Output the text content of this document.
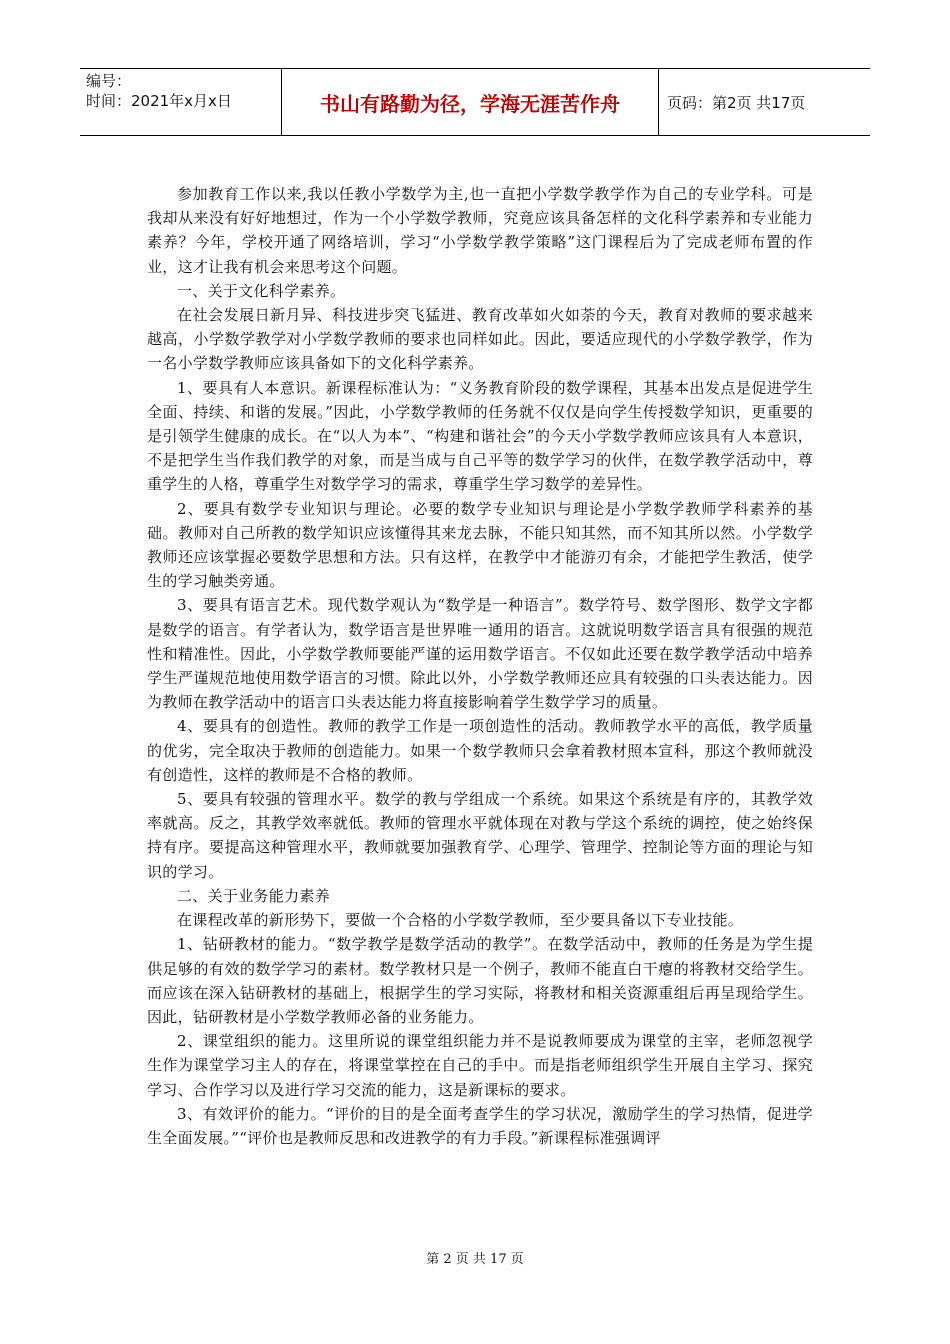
编号：
时间：2021年x月x日	书山有路勤为径，学海无涯苦作舟	页码：第2页 共17页

参加教育工作以来,我以任教小学数学为主,也一直把小学数学教学作为自己的专业学科。可是我却从来没有好好地想过，作为一个小学数学教师，究竟应该具备怎样的文化科学素养和专业能力素养？今年，学校开通了网络培训，学习“小学数学教学策略”这门课程后为了完成老师布置的作业，这才让我有机会来思考这个问题。

一、关于文化科学素养。

在社会发展日新月异、科技进步突飞猛进、教育改革如火如荼的今天，教育对教师的要求越来越高，小学数学教学对小学数学教师的要求也同样如此。因此，要适应现代的小学数学教学，作为一名小学数学教师应该具备如下的文化科学素养。

1、要具有人本意识。新课程标准认为：“义务教育阶段的数学课程，其基本出发点是促进学生全面、持续、和谐的发展。”因此，小学数学教师的任务就不仅仅是向学生传授数学知识，更重要的是引领学生健康的成长。在“以人为本”、“构建和谐社会”的今天小学数学教师应该具有人本意识，不是把学生当作我们教学的对象，而是当成与自己平等的数学学习的伙伴，在数学教学活动中，尊重学生的人格，尊重学生对数学学习的需求，尊重学生学习数学的差异性。

2、要具有数学专业知识与理论。必要的数学专业知识与理论是小学数学教师学科素养的基础。教师对自己所教的数学知识应该懂得其来龙去脉，不能只知其然，而不知其所以然。小学数学教师还应该掌握必要数学思想和方法。只有这样，在教学中才能游刃有余，才能把学生教活，使学生的学习触类旁通。

3、要具有语言艺术。现代数学观认为“数学是一种语言”。数学符号、数学图形、数学文字都是数学的语言。有学者认为，数学语言是世界唯一通用的语言。这就说明数学语言具有很强的规范性和精准性。因此，小学数学教师要能严谨的运用数学语言。不仅如此还要在数学教学活动中培养学生严谨规范地使用数学语言的习惯。除此以外，小学数学教师还应具有较强的口头表达能力。因为教师在教学活动中的语言口头表达能力将直接影响着学生数学学习的质量。

4、要具有的创造性。教师的教学工作是一项创造性的活动。教师教学水平的高低，教学质量的优劣，完全取决于教师的创造能力。如果一个数学教师只会拿着教材照本宣科，那这个教师就没有创造性，这样的教师是不合格的教师。

5、要具有较强的管理水平。数学的教与学组成一个系统。如果这个系统是有序的，其教学效率就高。反之，其教学效率就低。教师的管理水平就体现在对教与学这个系统的调控，使之始终保持有序。要提高这种管理水平，教师就要加强教育学、心理学、管理学、控制论等方面的理论与知识的学习。

二、关于业务能力素养

在课程改革的新形势下，要做一个合格的小学数学教师，至少要具备以下专业技能。

1、钻研教材的能力。“数学教学是数学活动的教学”。在数学活动中，教师的任务是为学生提供足够的有效的数学学习的素材。数学教材只是一个例子，教师不能直白干瘪的将教材交给学生。而应该在深入钻研教材的基础上，根据学生的学习实际，将教材和相关资源重组后再呈现给学生。因此，钻研教材是小学数学教师必备的业务能力。

2、课堂组织的能力。这里所说的课堂组织能力并不是说教师要成为课堂的主宰，老师忽视学生作为课堂学习主人的存在，将课堂掌控在自己的手中。而是指老师组织学生开展自主学习、探究学习、合作学习以及进行学习交流的能力，这是新课标的要求。

3、有效评价的能力。“评价的目的是全面考查学生的学习状况，激励学生的学习热情，促进学生全面发展。”“评价也是教师反思和改进教学的有力手段。”新课程标准强调评

第 2 页 共 17 页
